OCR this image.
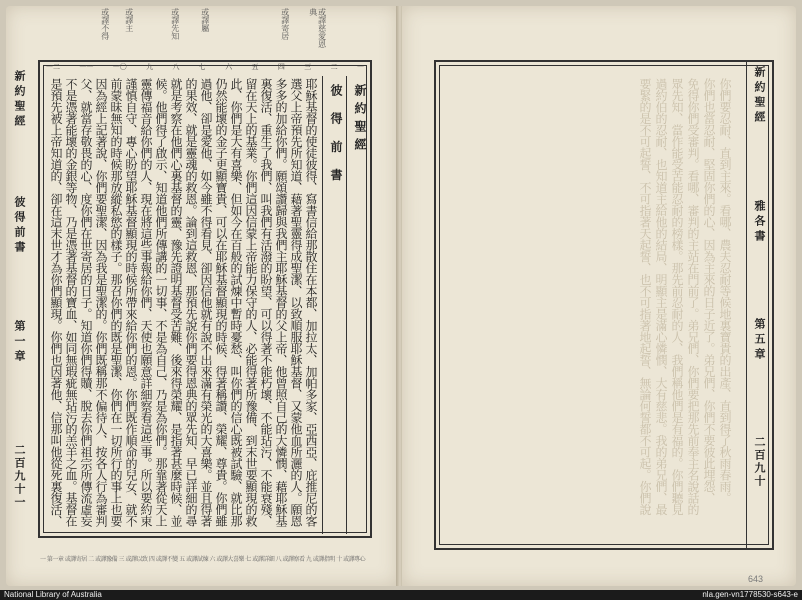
或譯慈愛恩典
或譯寄居
或譯屬
或譯先知
或譯主
或譯不得
一二	一一	一〇	九	八	七	六	五	四	三	二	一
耶穌基督的使徒彼得、寫書信給那散住在本都、加拉太、加帕多家、亞西亞、庇推尼的客
選父上帝預先所知道、藉著聖靈得成聖潔、以致順服耶穌基督、又蒙他血所灑的人。願恩
多多的加給你們。願頌讚歸與我們主耶穌基督的父上帝、他曾照自己的大憐憫、藉耶穌基
裏復活、重生了我們、叫我們有活潑的盼望、可以得著不能朽壞、不能玷污、不能衰殘、
留在天上的基業。你們這因信蒙上帝能力保守的人、必能得著所豫備、到末世要顯現的救
此、你們是大有喜樂、但如今在百般的試煉中暫時憂愁、叫你們的信心既被試驗、就比那
仍然能壞的金子更顯寶貴、可以在耶穌基督顯現的時候、得著稱讚、榮耀、尊貴。你們雖
過他、卻是愛他、如今雖不得看見、卻因信他就有說不出來滿有榮光的大喜樂。並且得著
的果效、就是靈魂的救恩。論到這救恩、那預先說你們要得恩典的眾先知、早已詳細的尋
就是考察在他們心裏基督的靈、豫先證明基督受苦難、後來得榮耀、是指著甚麼時候、並
候。他們得了啟示、知道他們所傳講的一切事、不是為自己、乃是為你們。那靠著從天上
靈傳福音給你們的人、現在將這些事報給你們、天使也願意詳細察看這些事。所以要約束
謹慎自守、專心盼望耶穌基督顯現的時候所帶來給你們的恩。你們既作順命的兒女、就不
前蒙昧無知的時候那放縱私慾的樣子。那召你們的既是聖潔、你們在一切所行的事上也要
因為經上記著說、你們要聖潔、因為我是聖潔的。你們既稱那不偏待人、按各人行為審判
父、就當存敬畏的心、度你們在世寄居的日子。知道你們得贖、脫去你們祖宗所傳流虛妄
不是憑著能壞的金銀等物、乃是憑著基督的寶血、如同無瑕疵無玷污的羔羊之血。基督在
是預先被上帝知道的、卻在這末世才為你們顯現。你們也因著他、信那叫他從死裏復活、
彼 得 前 書 新約聖經
新約聖經
彼得前書
第一章
二百九十一
一 第一章 或譯寄居 二 或譯豫備 三 或譯以致 四 或譯不變 五 或譯試煉 六 或譯大喜樂 七 或譯詳細 八 或譯察看 九 或譯指明 十 或譯專心
新約聖經
雅各書
第五章
二百九十
你們要忍耐、直到主來。看哪、農夫忍耐等候地裏寶貴的出產、直到得了秋雨春雨。
你們也當忍耐、堅固你們的心、因為主來的日子近了。弟兄們、你們不要彼此埋怨、
免得你們受審判。看哪、審判的主站在門前了。弟兄們、你們要把那先前奉主名說話的
眾先知、當作能受苦能忍耐的榜樣。那先前忍耐的人、我們稱他們是有福的。你們聽見
過約伯的忍耐、也知道主給他的結局、明顯主是滿心憐憫、大有慈悲。我的弟兄們、最
要緊的是不可起誓、不可指著天起誓、也不可指著地起誓、無論何誓都不可起。你們說
643
National Library of Australia	nla.gen-vn1778530-s643-e
